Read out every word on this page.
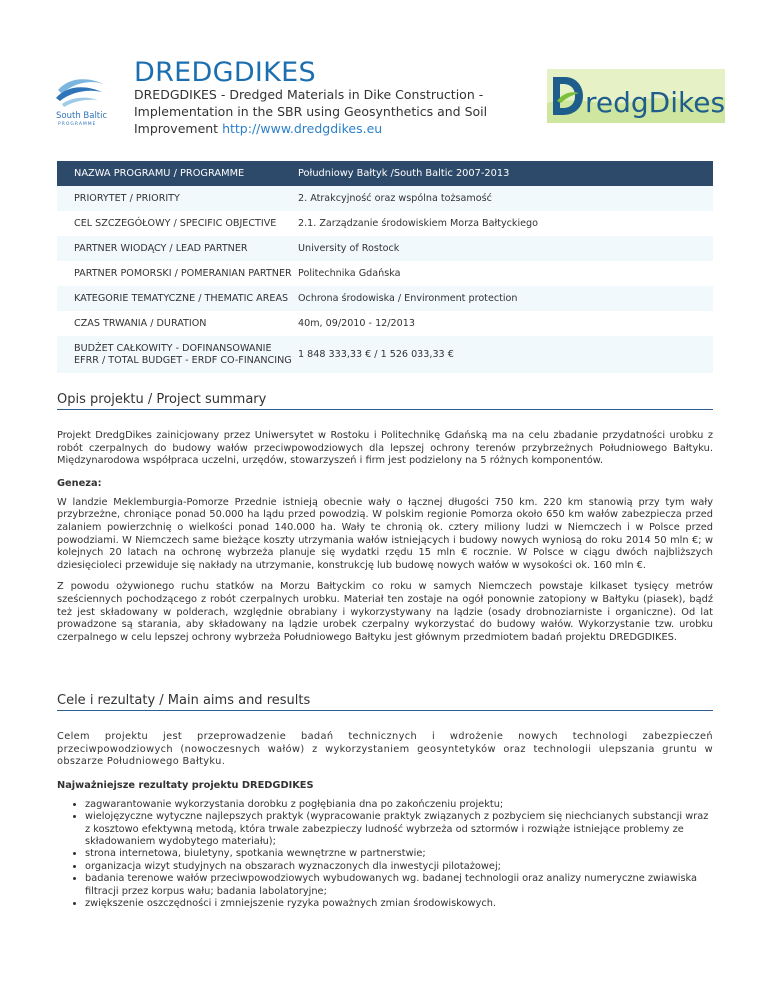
South Baltic
PROGRAMME
redgDikes
DREDGDIKES

DREDGDIKES - Dredged Materials in Dike Construction - Implementation in the SBR using Geosynthetics and Soil Improvement http://www.dredgdikes.eu

NAZWA PROGRAMU / PROGRAMME	Południowy Bałtyk /South Baltic 2007-2013
PRIORYTET / PRIORITY	2. Atrakcyjność oraz wspólna tożsamość
CEL SZCZEGÓŁOWY / SPECIFIC OBJECTIVE	2.1. Zarządzanie środowiskiem Morza Bałtyckiego
PARTNER WIODĄCY / LEAD PARTNER	University of Rostock
PARTNER POMORSKI / POMERANIAN PARTNER	Politechnika Gdańska
KATEGORIE TEMATYCZNE / THEMATIC AREAS	Ochrona środowiska / Environment protection
CZAS TRWANIA / DURATION	40m, 09/2010 - 12/2013
BUDŻET CAŁKOWITY - DOFINANSOWANIE EFRR / TOTAL BUDGET - ERDF CO-FINANCING	1 848 333,33 € / 1 526 033,33 €
Opis projektu / Project summary

Projekt DredgDikes zainicjowany przez Uniwersytet w Rostoku i Politechnikę Gdańską ma na celu zbadanie przydatności urobku z robót czerpalnych do budowy wałów przeciwpowodziowych dla lepszej ochrony terenów przybrzeżnych Południowego Bałtyku. Międzynarodowa współpraca uczelni, urzędów, stowarzyszeń i firm jest podzielony na 5 różnych komponentów.

Geneza:

W landzie Meklemburgia-Pomorze Przednie istnieją obecnie wały o łącznej długości 750 km. 220 km stanowią przy tym wały przybrzeżne, chroniące ponad 50.000 ha lądu przed powodzią. W polskim regionie Pomorza około 650 km wałów zabezpiecza przed zalaniem powierzchnię o wielkości ponad 140.000 ha. Wały te chronią ok. cztery miliony ludzi w Niemczech i w Polsce przed powodziami. W Niemczech same bieżące koszty utrzymania wałów istniejących i budowy nowych wyniosą do roku 2014 50 mln €; w kolejnych 20 latach na ochronę wybrzeża planuje się wydatki rzędu 15 mln € rocznie. W Polsce w ciągu dwóch najbliższych dziesięcioleci przewiduje się nakłady na utrzymanie, konstrukcję lub budowę nowych wałów w wysokości ok. 160 mln €.

Z powodu ożywionego ruchu statków na Morzu Bałtyckim co roku w samych Niemczech powstaje kilkaset tysięcy metrów sześciennych pochodzącego z robót czerpalnych urobku. Materiał ten zostaje na ogół ponownie zatopiony w Bałtyku (piasek), bądź też jest składowany w polderach, względnie obrabiany i wykorzystywany na lądzie (osady drobnoziarniste i organiczne). Od lat prowadzone są starania, aby składowany na lądzie urobek czerpalny wykorzystać do budowy wałów. Wykorzystanie tzw. urobku czerpalnego w celu lepszej ochrony wybrzeża Południowego Bałtyku jest głównym przedmiotem badań projektu DREDGDIKES.

Cele i rezultaty / Main aims and results

Celem projektu jest przeprowadzenie badań technicznych i wdrożenie nowych technologi zabezpieczeń przeciwpowodziowych (nowoczesnych wałów) z wykorzystaniem geosyntetyków oraz technologii ulepszania gruntu w obszarze Południowego Bałtyku.

Najważniejsze rezultaty projektu DREDGDIKES

• zagwarantowanie wykorzystania dorobku z pogłębiania dna po zakończeniu projektu;
• wielojęzyczne wytyczne najlepszych praktyk (wypracowanie praktyk związanych z pozbyciem się niechcianych substancji wraz z kosztowo efektywną metodą, która trwale zabezpieczy ludność wybrzeża od sztormów i rozwiąże istniejące problemy ze składowaniem wydobytego materiału);
• strona internetowa, biuletyny, spotkania wewnętrzne w partnerstwie;
• organizacja wizyt studyjnych na obszarach wyznaczonych dla inwestycji pilotażowej;
• badania terenowe wałów przeciwpowodziowych wybudowanych wg. badanej technologii oraz analizy numeryczne zwiawiska filtracji przez korpus wału; badania labolatoryjne;
• zwiększenie oszczędności i zmniejszenie ryzyka poważnych zmian środowiskowych.
